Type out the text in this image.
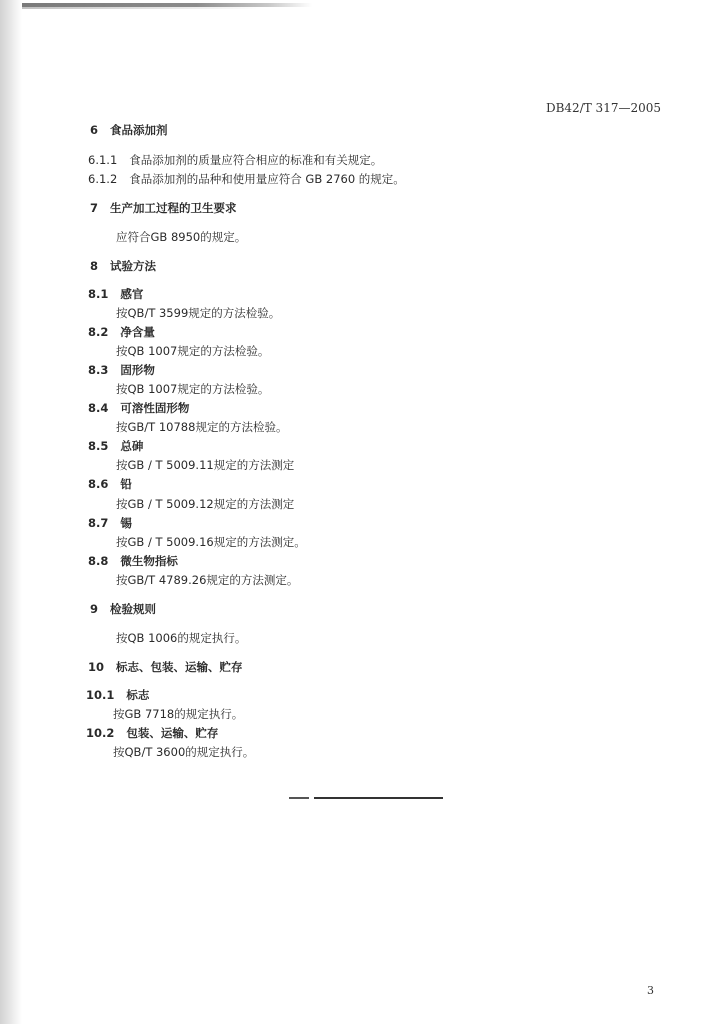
DB42/T 317—2005
6 食品添加剂
6.1.1 食品添加剂的质量应符合相应的标准和有关规定。
6.1.2 食品添加剂的品种和使用量应符合 GB 2760 的规定。
7 生产加工过程的卫生要求
应符合GB 8950的规定。
8 试验方法
8.1 感官
按QB/T 3599规定的方法检验。
8.2 净含量
按QB 1007规定的方法检验。
8.3 固形物
按QB 1007规定的方法检验。
8.4 可溶性固形物
按GB/T 10788规定的方法检验。
8.5 总砷
按GB / T 5009.11规定的方法测定
8.6 铅
按GB / T 5009.12规定的方法测定
8.7 锡
按GB / T 5009.16规定的方法测定。
8.8 微生物指标
按GB/T 4789.26规定的方法测定。
9 检验规则
按QB 1006的规定执行。
10 标志、包装、运输、贮存
10.1 标志
按GB 7718的规定执行。
10.2 包装、运输、贮存
按QB/T 3600的规定执行。
3
